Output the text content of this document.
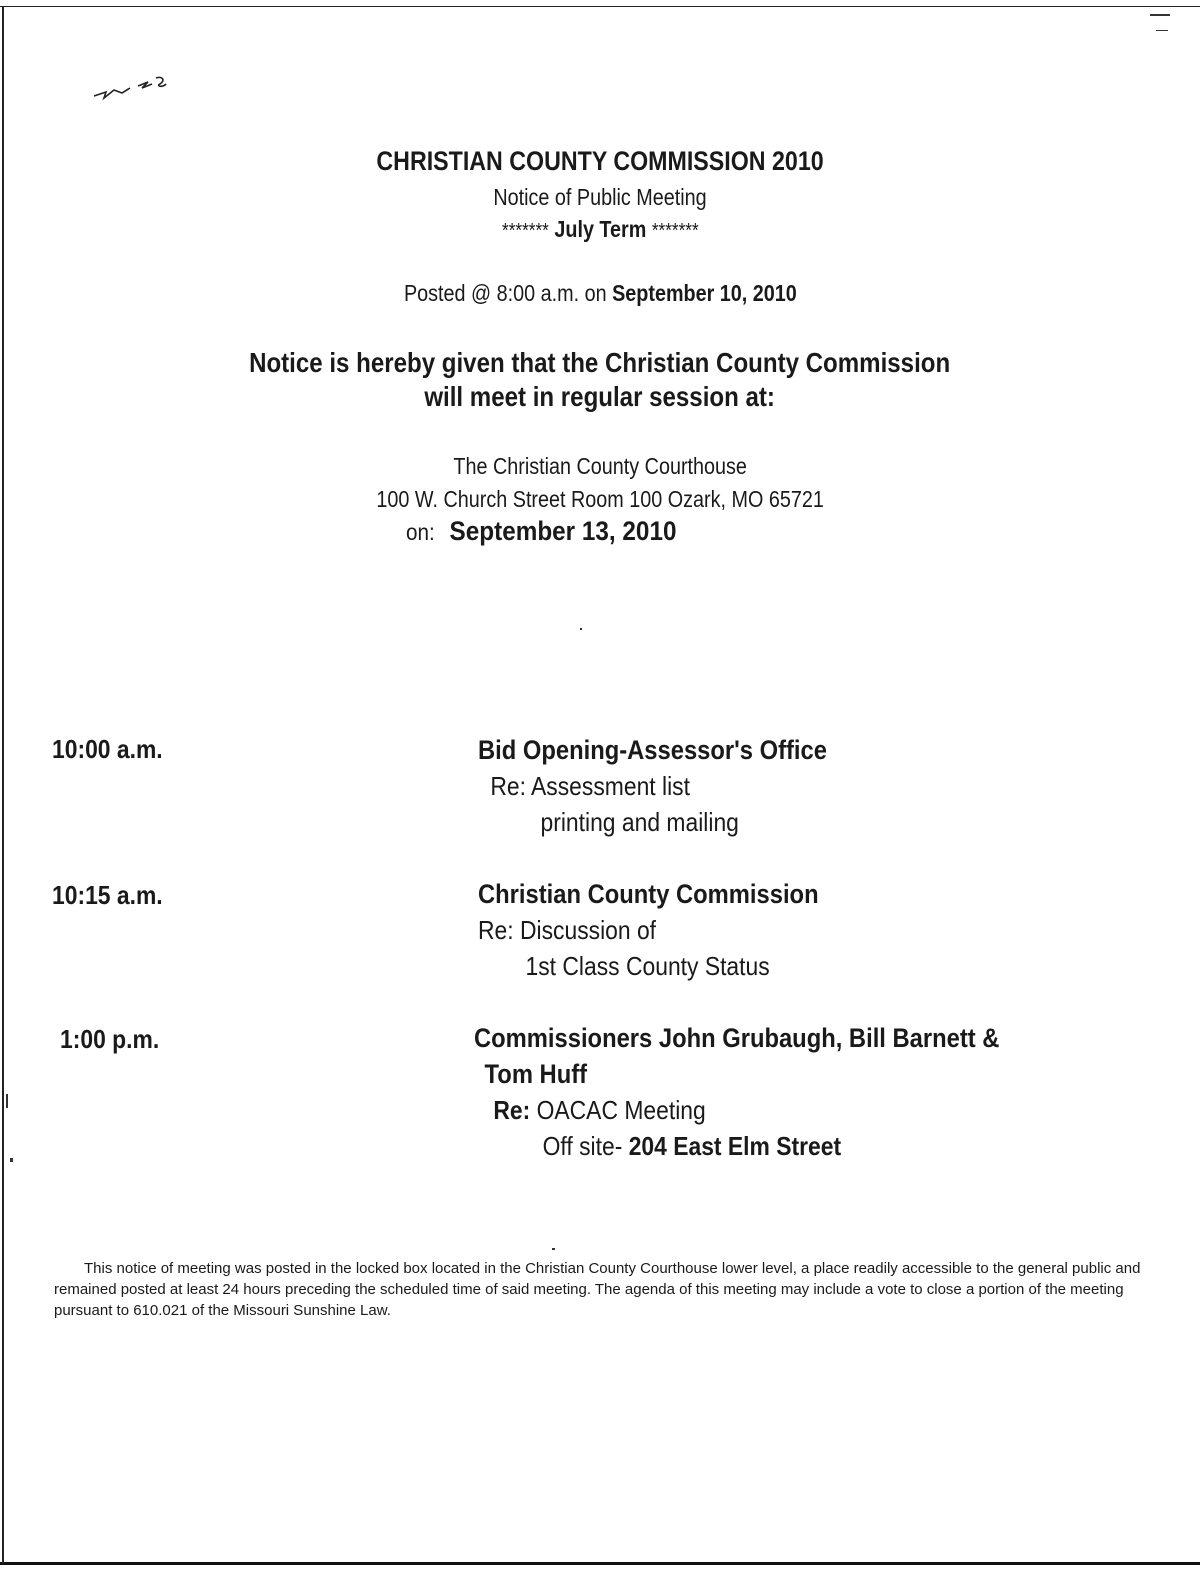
CHRISTIAN COUNTY COMMISSION 2010
Notice of Public Meeting
******* July Term *******
Posted @ 8:00 a.m. on September 10, 2010
Notice is hereby given that the Christian County Commission
will meet in regular session at:
The Christian County Courthouse
100 W. Church Street Room 100 Ozark, MO 65721
on: September 13, 2010
10:00 a.m.	Bid Opening-Assessor's Office
Re: Assessment list
printing and mailing
10:15 a.m.	Christian County Commission
Re: Discussion of
1st Class County Status
1:00 p.m.	Commissioners John Grubaugh, Bill Barnett &
Tom Huff
Re: OACAC Meeting
Off site- 204 East Elm Street
This notice of meeting was posted in the locked box located in the Christian County Courthouse lower level, a place readily accessible to the general public and remained posted at least 24 hours preceding the scheduled time of said meeting. The agenda of this meeting may include a vote to close a portion of the meeting pursuant to 610.021 of the Missouri Sunshine Law.
